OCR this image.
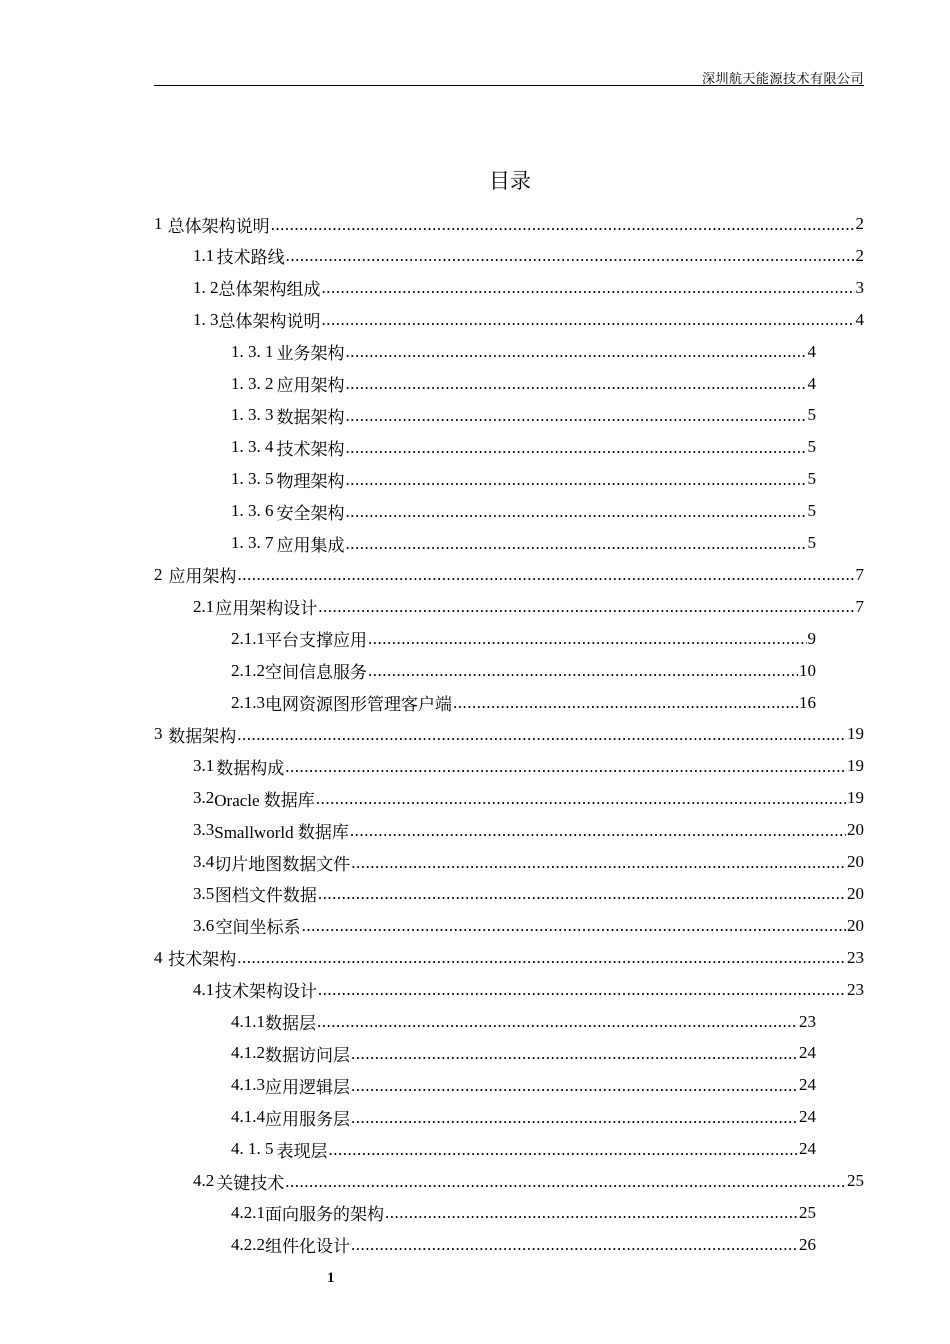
深圳航天能源技术有限公司
目录
1 总体架构说明 .....	2
1.1 技术路线 .....	2
1. 2 总体架构组成 .....	3
1. 3 总体架构说明 .....	4
1. 3. 1 业务架构 .....	4
1. 3. 2 应用架构 .....	4
1. 3. 3 数据架构 .....	5
1. 3. 4 技术架构 .....	5
1. 3. 5 物理架构 .....	5
1. 3. 6 安全架构 .....	5
1. 3. 7 应用集成 .....	5
2 应用架构 .....	7
2.1 应用架构设计 .....	7
2.1.1 平台支撑应用 .....	9
2.1.2 空间信息服务 .....	10
2.1.3 电网资源图形管理客户端 .....	16
3 数据架构 .....	19
3.1 数据构成 .....	19
3.2 Oracle 数据库 .....	19
3.3 Smallworld 数据库 .....	20
3.4 切片地图数据文件 .....	20
3.5 图档文件数据 .....	20
3.6 空间坐标系 .....	20
4 技术架构 .....	23
4.1 技术架构设计 .....	23
4.1.1 数据层 .....	23
4.1.2 数据访问层 .....	24
4.1.3 应用逻辑层 .....	24
4.1.4 应用服务层 .....	24
4. 1. 5 表现层 .....	24
4.2 关键技术 .....	25
4.2.1 面向服务的架构 .....	25
4.2.2 组件化设计 .....	26
1
